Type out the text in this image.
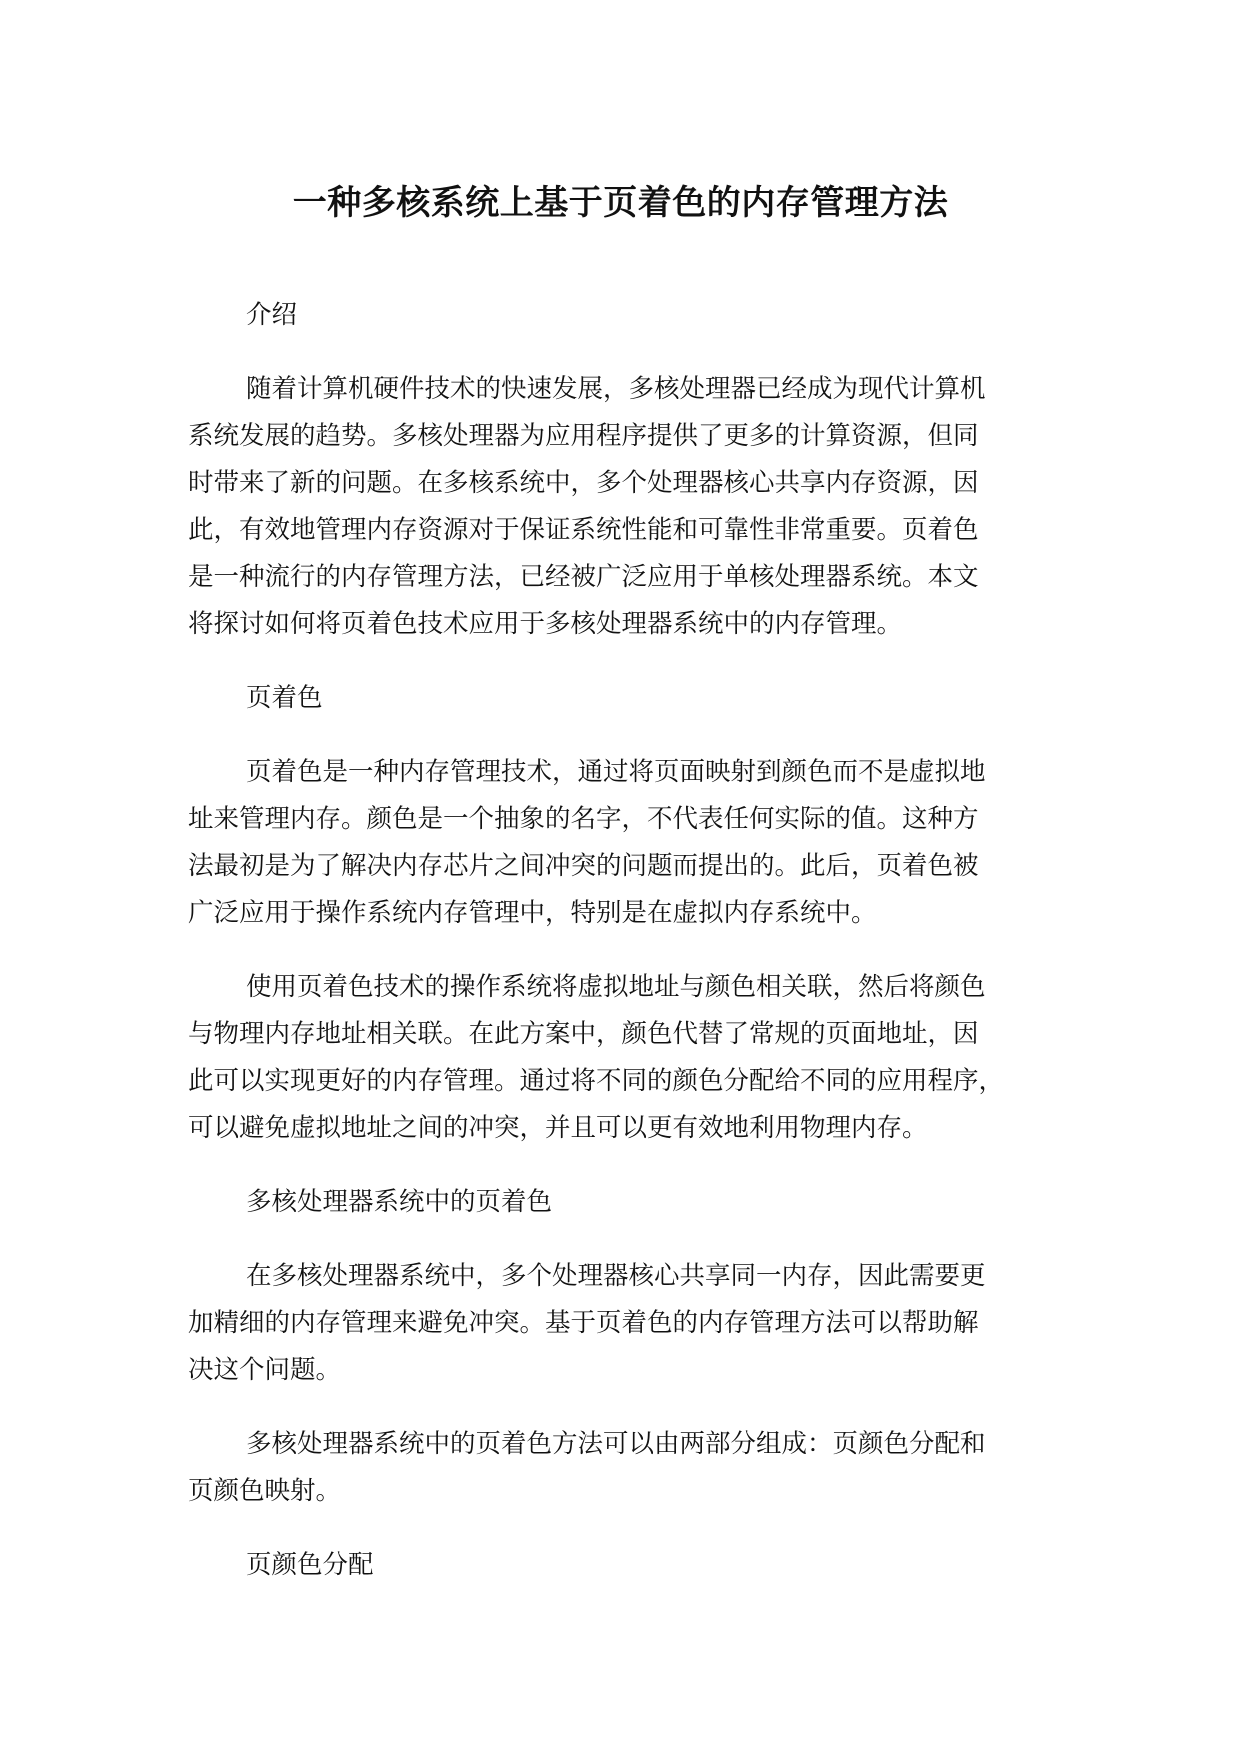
一种多核系统上基于页着色的内存管理方法
介绍
随着计算机硬件技术的快速发展，多核处理器已经成为现代计算机
系统发展的趋势。多核处理器为应用程序提供了更多的计算资源，但同
时带来了新的问题。在多核系统中，多个处理器核心共享内存资源，因
此，有效地管理内存资源对于保证系统性能和可靠性非常重要。页着色
是一种流行的内存管理方法，已经被广泛应用于单核处理器系统。本文
将探讨如何将页着色技术应用于多核处理器系统中的内存管理。
页着色
页着色是一种内存管理技术，通过将页面映射到颜色而不是虚拟地
址来管理内存。颜色是一个抽象的名字，不代表任何实际的值。这种方
法最初是为了解决内存芯片之间冲突的问题而提出的。此后，页着色被
广泛应用于操作系统内存管理中，特别是在虚拟内存系统中。
使用页着色技术的操作系统将虚拟地址与颜色相关联，然后将颜色
与物理内存地址相关联。在此方案中，颜色代替了常规的页面地址，因
此可以实现更好的内存管理。通过将不同的颜色分配给不同的应用程序，
可以避免虚拟地址之间的冲突，并且可以更有效地利用物理内存。
多核处理器系统中的页着色
在多核处理器系统中，多个处理器核心共享同一内存，因此需要更
加精细的内存管理来避免冲突。基于页着色的内存管理方法可以帮助解
决这个问题。
多核处理器系统中的页着色方法可以由两部分组成：页颜色分配和
页颜色映射。
页颜色分配
